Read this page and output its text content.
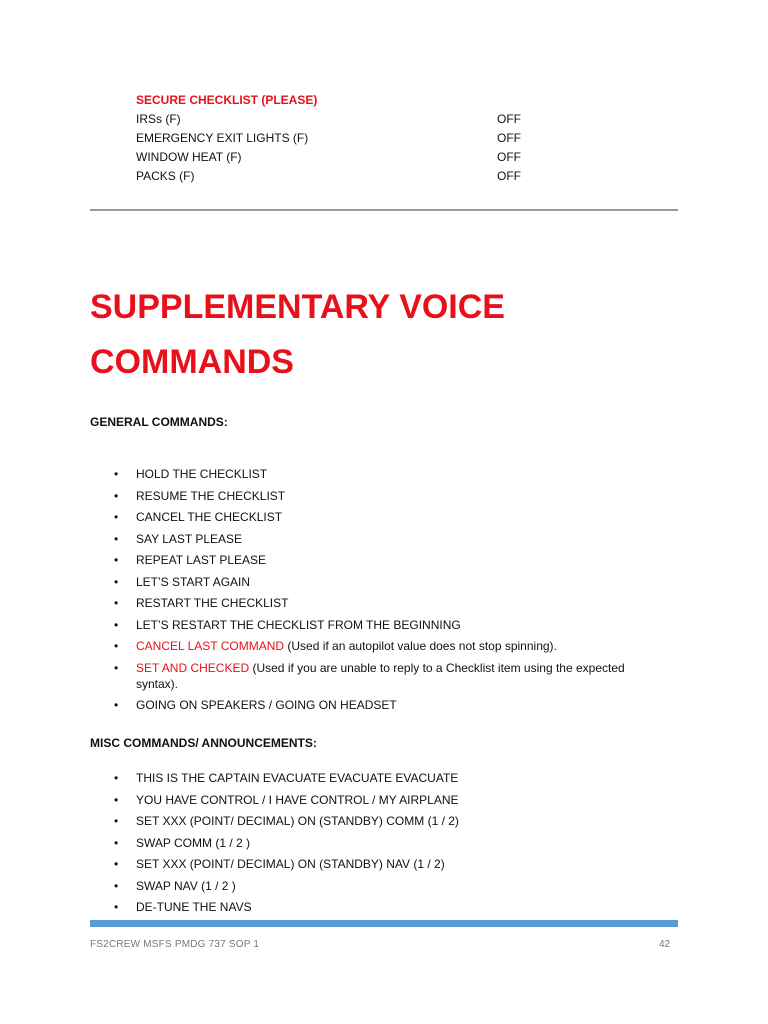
SECURE CHECKLIST (PLEASE)
IRSs (F)	OFF
EMERGENCY EXIT LIGHTS (F)	OFF
WINDOW HEAT (F)	OFF
PACKS (F)	OFF
SUPPLEMENTARY VOICE
COMMANDS
GENERAL COMMANDS:
• HOLD THE CHECKLIST
• RESUME THE CHECKLIST
• CANCEL THE CHECKLIST
• SAY LAST PLEASE
• REPEAT LAST PLEASE
• LET’S START AGAIN
• RESTART THE CHECKLIST
• LET’S RESTART THE CHECKLIST FROM THE BEGINNING
• CANCEL LAST COMMAND (Used if an autopilot value does not stop spinning).
• SET AND CHECKED (Used if you are unable to reply to a Checklist item using the expected syntax).
• GOING ON SPEAKERS / GOING ON HEADSET
MISC COMMANDS/ ANNOUNCEMENTS:
• THIS IS THE CAPTAIN EVACUATE EVACUATE EVACUATE
• YOU HAVE CONTROL / I HAVE CONTROL / MY AIRPLANE
• SET XXX (POINT/ DECIMAL) ON (STANDBY) COMM (1 / 2)
• SWAP COMM (1 / 2 )
• SET XXX (POINT/ DECIMAL) ON (STANDBY) NAV (1 / 2)
• SWAP NAV (1 / 2 )
• DE-TUNE THE NAVS
FS2CREW MSFS PMDG 737 SOP 1	42
